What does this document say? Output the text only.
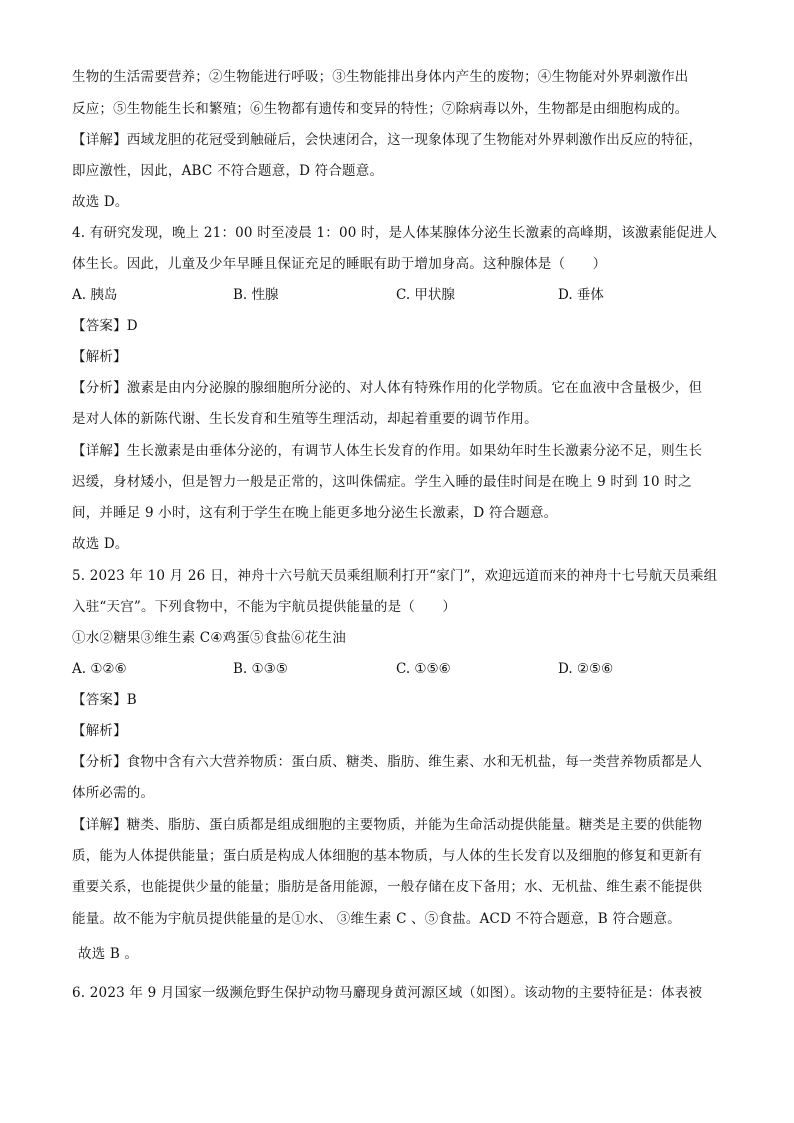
生物的生活需要营养；②生物能进行呼吸；③生物能排出身体内产生的废物；④生物能对外界刺激作出
反应；⑤生物能生长和繁殖；⑥生物都有遗传和变异的特性；⑦除病毒以外，生物都是由细胞构成的。
【详解】西域龙胆的花冠受到触碰后，会快速闭合，这一现象体现了生物能对外界刺激作出反应的特征，
即应激性，因此，ABC 不符合题意，D 符合题意。
故选 D。
4. 有研究发现，晚上 21：00 时至凌晨 1：00 时，是人体某腺体分泌生长激素的高峰期，该激素能促进人
体生长。因此，儿童及少年早睡且保证充足的睡眠有助于增加身高。这种腺体是（　　）
A. 胰岛	B. 性腺	C. 甲状腺	D. 垂体
【答案】D
【解析】
【分析】激素是由内分泌腺的腺细胞所分泌的、对人体有特殊作用的化学物质。它在血液中含量极少，但
是对人体的新陈代谢、生长发育和生殖等生理活动，却起着重要的调节作用。
【详解】生长激素是由垂体分泌的，有调节人体生长发育的作用。如果幼年时生长激素分泌不足，则生长
迟缓，身材矮小，但是智力一般是正常的，这叫侏儒症。学生入睡的最佳时间是在晚上 9 时到 10 时之
间，并睡足 9 小时，这有利于学生在晚上能更多地分泌生长激素，D 符合题意。
故选 D。
5. 2023 年 10 月 26 日，神舟十六号航天员乘组顺利打开“家门”，欢迎远道而来的神舟十七号航天员乘组
入驻“天宫”。下列食物中，不能为宇航员提供能量的是（　　）
①水②糖果③维生素 C④鸡蛋⑤食盐⑥花生油
A. ①②⑥	B. ①③⑤	C. ①⑤⑥	D. ②⑤⑥
【答案】B
【解析】
【分析】食物中含有六大营养物质：蛋白质、糖类、脂肪、维生素、水和无机盐，每一类营养物质都是人
体所必需的。
【详解】糖类、脂肪、蛋白质都是组成细胞的主要物质，并能为生命活动提供能量。糖类是主要的供能物
质，能为人体提供能量；蛋白质是构成人体细胞的基本物质，与人体的生长发育以及细胞的修复和更新有
重要关系，也能提供少量的能量；脂肪是备用能源，一般存储在皮下备用；水、无机盐、维生素不能提供
能量。故不能为宇航员提供能量的是①水、 ③维生素 C 、⑤食盐。ACD 不符合题意，B 符合题意。
故选 B 。
6. 2023 年 9 月国家一级濒危野生保护动物马麝现身黄河源区域（如图）。该动物的主要特征是：体表被
